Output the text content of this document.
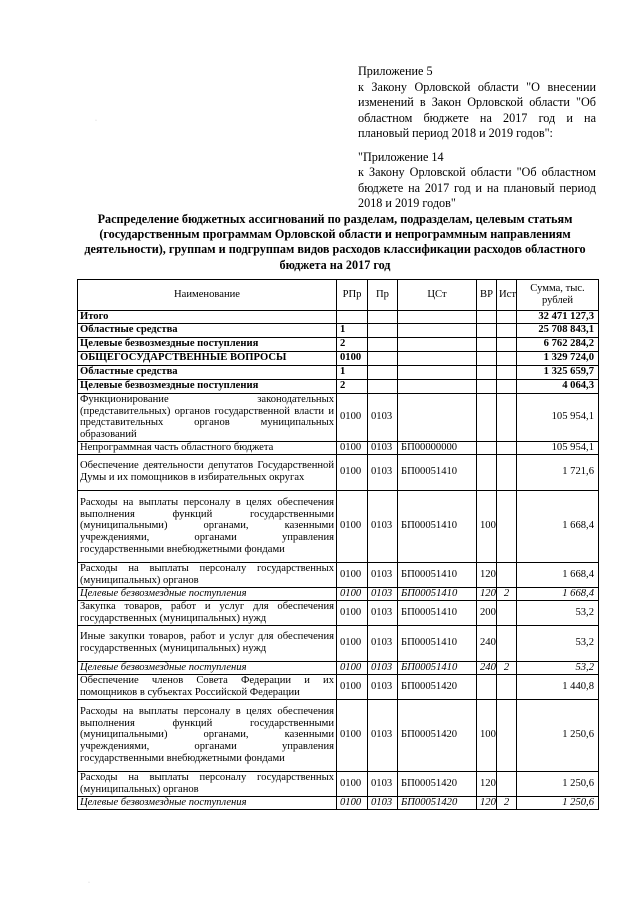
Приложение 5

к Закону Орловской области "О внесении изменений в Закон Орловской области "Об областном бюджете на 2017 год и на плановый период 2018 и 2019 годов":

"Приложение 14

к Закону Орловской области "Об областном бюджете на 2017 год и на плановый период 2018 и 2019 годов"

Распределение бюджетных ассигнований по разделам, подразделам, целевым статьям (государственным программам Орловской области и непрограммным направлениям деятельности), группам и подгруппам видов расходов классификации расходов областного бюджета на 2017 год
Наименование	РПр	Пр	ЦСт	ВР	Ист	Сумма, тыс. рублей
Итого						32 471 127,3
Областные средства	1					25 708 843,1
Целевые безвозмездные поступления	2					6 762 284,2
ОБЩЕГОСУДАРСТВЕННЫЕ ВОПРОСЫ	0100					1 329 724,0
Областные средства	1					1 325 659,7
Целевые безвозмездные поступления	2					4 064,3
Функционирование законодательных (представительных) органов государственной власти и представительных органов муниципальных образований	0100	0103				105 954,1
Непрограммная часть областного бюджета	0100	0103	БП00000000			105 954,1
Обеспечение деятельности депутатов Государственной Думы и их помощников в избирательных округах	0100	0103	БП00051410			1 721,6
Расходы на выплаты персоналу в целях обеспечения выполнения функций государственными (муниципальными) органами, казенными учреждениями, органами управления государственными внебюджетными фондами	0100	0103	БП00051410	100		1 668,4
Расходы на выплаты персоналу государственных (муниципальных) органов	0100	0103	БП00051410	120		1 668,4
Целевые безвозмездные поступления	0100	0103	БП00051410	120	2	1 668,4
Закупка товаров, работ и услуг для обеспечения государственных (муниципальных) нужд	0100	0103	БП00051410	200		53,2
Иные закупки товаров, работ и услуг для обеспечения государственных (муниципальных) нужд	0100	0103	БП00051410	240		53,2
Целевые безвозмездные поступления	0100	0103	БП00051410	240	2	53,2
Обеспечение членов Совета Федерации и их помощников в субъектах Российской Федерации	0100	0103	БП00051420			1 440,8
Расходы на выплаты персоналу в целях обеспечения выполнения функций государственными (муниципальными) органами, казенными учреждениями, органами управления государственными внебюджетными фондами	0100	0103	БП00051420	100		1 250,6
Расходы на выплаты персоналу государственных (муниципальных) органов	0100	0103	БП00051420	120		1 250,6
Целевые безвозмездные поступления	0100	0103	БП00051420	120	2	1 250,6
·
·
